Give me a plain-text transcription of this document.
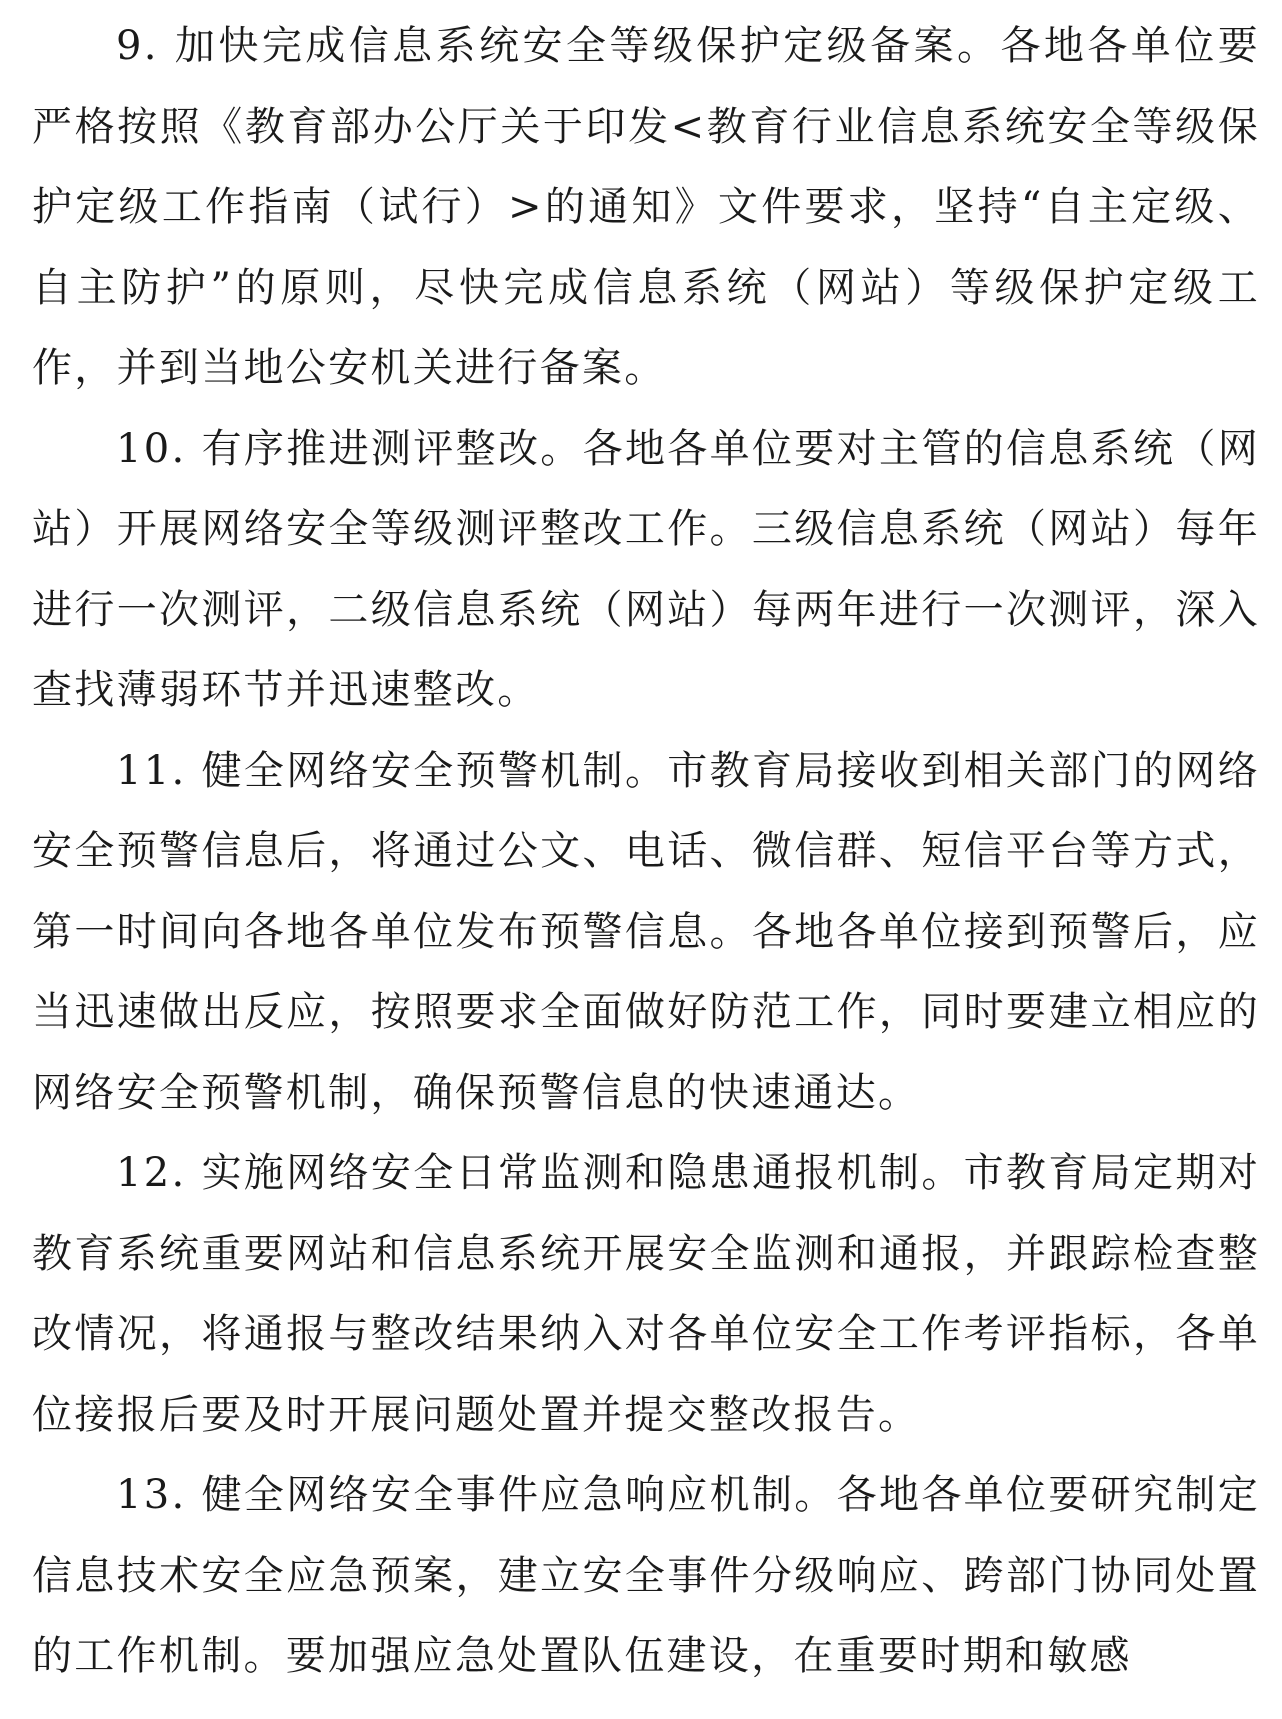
9. 加快完成信息系统安全等级保护定级备案。各地各单位要严格按照《教育部办公厅关于印发<教育行业信息系统安全等级保护定级工作指南（试行）>的通知》文件要求，坚持“自主定级、自主防护”的原则，尽快完成信息系统（网站）等级保护定级工作，并到当地公安机关进行备案。

10. 有序推进测评整改。各地各单位要对主管的信息系统（网站）开展网络安全等级测评整改工作。三级信息系统（网站）每年进行一次测评，二级信息系统（网站）每两年进行一次测评，深入查找薄弱环节并迅速整改。

11. 健全网络安全预警机制。市教育局接收到相关部门的网络安全预警信息后，将通过公文、电话、微信群、短信平台等方式，第一时间向各地各单位发布预警信息。各地各单位接到预警后，应当迅速做出反应，按照要求全面做好防范工作，同时要建立相应的网络安全预警机制，确保预警信息的快速通达。

12. 实施网络安全日常监测和隐患通报机制。市教育局定期对教育系统重要网站和信息系统开展安全监测和通报，并跟踪检查整改情况，将通报与整改结果纳入对各单位安全工作考评指标，各单位接报后要及时开展问题处置并提交整改报告。

13. 健全网络安全事件应急响应机制。各地各单位要研究制定信息技术安全应急预案，建立安全事件分级响应、跨部门协同处置的工作机制。要加强应急处置队伍建设，在重要时期和敏感
